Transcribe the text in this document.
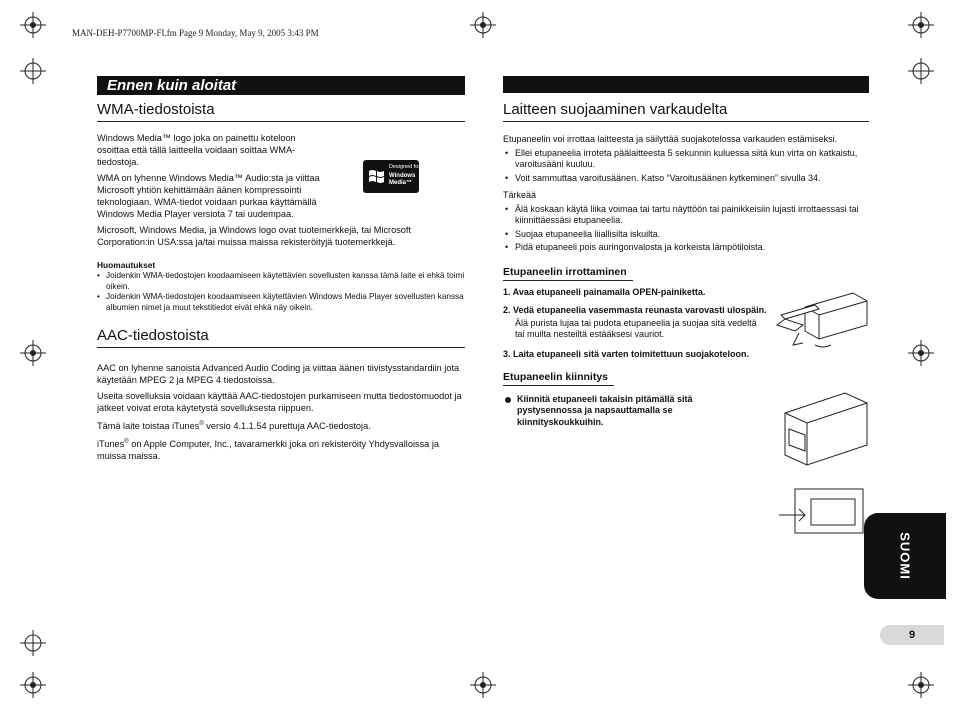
MAN-DEH-P7700MP-FI.fm Page 9 Monday, May 9, 2005 3:43 PM
Ennen kuin aloitat
WMA-tiedostoista
Windows Media™ logo joka on painettu koteloon osoittaa että tällä laitteella voidaan soittaa WMA-tiedostoja.
WMA on lyhenne Windows Media™ Audio:sta ja viittaa Microsoft yhtiön kehittämään äänen kompressointi teknologiaan. WMA-tiedot voidaan purkaa käyttämällä Windows Media Player versiota 7 tai uudempaa.
Designed for
Windows
Media™
Microsoft, Windows Media, ja Windows logo ovat tuotemerkkejä, tai Microsoft Corporation:in USA:ssa ja/tai muissa maissa rekisteröityjä tuotemerkkejä.
Huomautukset
• Joidenkin WMA-tiedostojen koodaamiseen käytettävien sovellusten kanssa tämä laite ei ehkä toimi oikein.
• Joidenkin WMA-tiedostojen koodaamiseen käytettävien Windows Media Player sovellusten kanssa albumien nimet ja muut tekstitiedot eivät ehkä näy oikein.
AAC-tiedostoista
AAC on lyhenne sanoista Advanced Audio Coding ja viittaa äänen tiivistysstandardiin jota käytetään MPEG 2 ja MPEG 4 tiedostoissa.
Useita sovelluksia voidaan käyttää AAC-tiedostojen purkamiseen mutta tiedostomuodot ja jatkeet voivat erota käytetystä sovelluksesta riippuen.
Tämä laite toistaa iTunes® versio 4.1.1.54 purettuja AAC-tiedostoja.
iTunes® on Apple Computer, Inc., tavaramerkki joka on rekisteröity Yhdysvalloissa ja muissa maissa.
Laitteen suojaaminen varkaudelta
Etupaneelin voi irrottaa laitteesta ja säilyttää suojakotelossa varkauden estämiseksi.
• Ellei etupaneelia irroteta päälaitteesta 5 sekunnin kuluessa siitä kun virta on katkaistu, varoitusääni kuuluu.
• Voit sammuttaa varoitusäänen. Katso “Varoitusäänen kytkeminen” sivulla 34.
Tärkeää
• Älä koskaan käytä liika voimaa tai tartu näyttöön tai painikkeisiin lujasti irrottaessasi tai kiinnittäessäsi etupaneelia.
• Suojaa etupaneelia liiallisilta iskuilta.
• Pidä etupaneeli pois auringonvalosta ja korkeista lämpötiloista.
Etupaneelin irrottaminen
1. Avaa etupaneeli painamalla OPEN-painiketta.
2. Vedä etupaneelia vasemmasta reunasta varovasti ulospäin.
Älä purista lujaa tai pudota etupaneelia ja suojaa sitä vedeltä tai muilta nesteiltä estääksesi vauriot.
3. Laita etupaneeli sitä varten toimitettuun suojakoteloon.
Etupaneelin kiinnitys
Kiinnitä etupaneeli takaisin pitämällä sitä pystysennossa ja napsauttamalla se kiinnityskoukkuihin.
SUOMI
9
